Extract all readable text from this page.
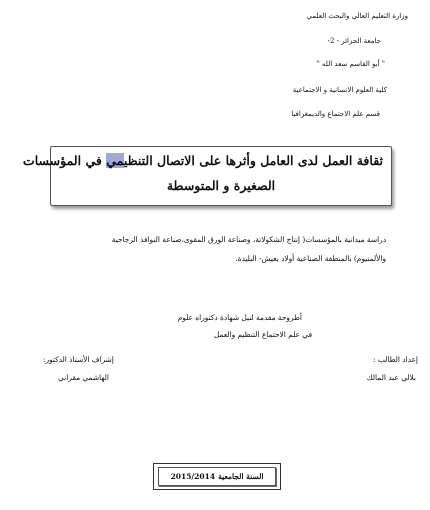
وزارة التعليم العالي والبحث العلمي
جامعة الجزائر - 2-
" أبو القاسم سعد الله "
كلية العلوم الانسانية و الاجتماعية
قسم علم الاجتماع والديمغرافيا
ثقافة العمل لدى العامل وأثرها على الاتصال التنظيمي في المؤسسات
الصغيرة و المتوسطة
دراسة ميدانية بالمؤسسات( إنتاج الشكولاتة، وصناعة الورق المقوى،صناعة النوافذ الزجاجية
والألمنيوم) بالمنطقة الصناعية أولاد يعيش- البليدة.
أطروحة مقدمة لنيل شهادة دكتوراه علوم
في علم الاجتماع التنظيم والعمل
إعداد الطالب :
بلالي عبد المالك
إشراف الأستاذ الدكتور:
الهاشمي مقراني
السنة الجامعية
2015/2014
